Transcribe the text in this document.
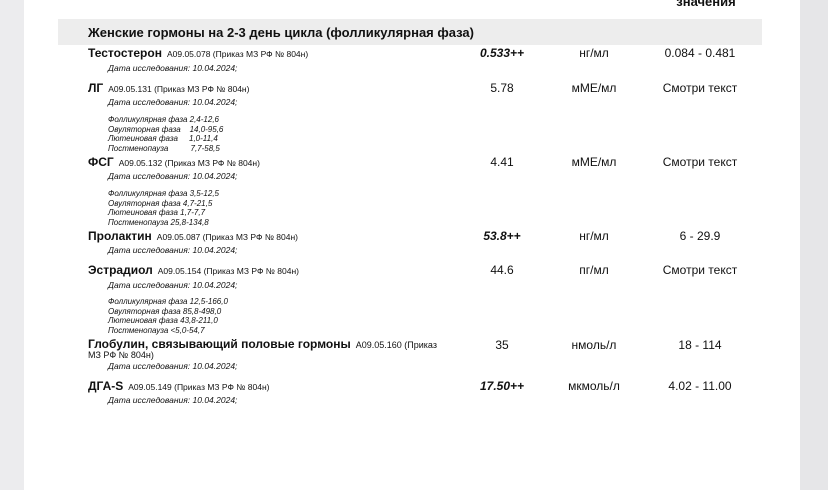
значения
Женские гормоны на 2-3 день цикла (фолликулярная фаза)
Тестостерон A09.05.078 (Приказ МЗ РФ № 804н)
Дата исследования: 10.04.2024;
0.533++	нг/мл	0.084 - 0.481
ЛГ A09.05.131 (Приказ МЗ РФ № 804н)
Дата исследования: 10.04.2024;
Фолликулярная фаза 2,4-12,6
Овуляторная фаза    14,0-95,6
Лютеиновая фаза     1,0-11,4
Постменопауза          7,7-58,5
5.78	мМЕ/мл	Смотри текст
ФСГ A09.05.132 (Приказ МЗ РФ № 804н)
Дата исследования: 10.04.2024;
Фолликулярная фаза 3,5-12,5
Овуляторная фаза 4,7-21,5
Лютеиновая фаза 1,7-7,7
Постменопауза 25,8-134,8
4.41	мМЕ/мл	Смотри текст
Пролактин A09.05.087 (Приказ МЗ РФ № 804н)
Дата исследования: 10.04.2024;
53.8++	нг/мл	6 - 29.9
Эстрадиол A09.05.154 (Приказ МЗ РФ № 804н)
Дата исследования: 10.04.2024;
Фолликулярная фаза 12,5-166,0
Овуляторная фаза 85,8-498,0
Лютеиновая фаза 43,8-211,0
Постменопауза <5,0-54,7
44.6	пг/мл	Смотри текст
Глобулин, связывающий половые гормоны A09.05.160 (Приказ МЗ РФ № 804н)
Дата исследования: 10.04.2024;
35	нмоль/л	18 - 114
ДГА-S A09.05.149 (Приказ МЗ РФ № 804н)
Дата исследования: 10.04.2024;
17.50++	мкмоль/л	4.02 - 11.00
